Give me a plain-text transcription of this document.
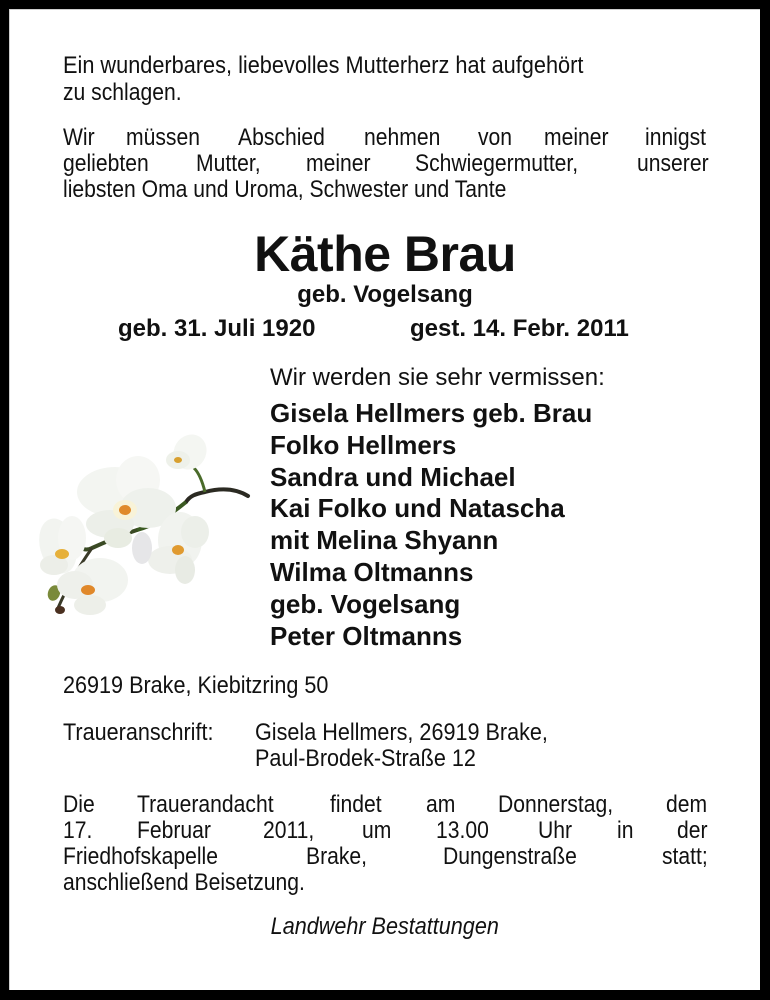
Ein wunderbares, liebevolles Mutterherz hat aufgehört
zu schlagen.
Wir müssen Abschied nehmen von meiner innigst
geliebten Mutter, meiner Schwiegermutter, unserer
liebsten Oma und Uroma, Schwester und Tante
Käthe Brau
geb. Vogelsang
geb. 31. Juli 1920	gest. 14. Febr. 2011
Wir werden sie sehr vermissen:
Gisela Hellmers geb. Brau
Folko Hellmers
Sandra und Michael
Kai Folko und Natascha
mit Melina Shyann
Wilma Oltmanns
geb. Vogelsang
Peter Oltmanns
26919 Brake, Kiebitzring 50
Traueranschrift:	Gisela Hellmers, 26919 Brake,
Paul-Brodek-Straße 12
Die Trauerandacht findet am Donnerstag, dem
17. Februar 2011, um 13.00 Uhr in der
Friedhofskapelle	Brake,	Dungenstraße	statt;
anschließend Beisetzung.
Landwehr Bestattungen
